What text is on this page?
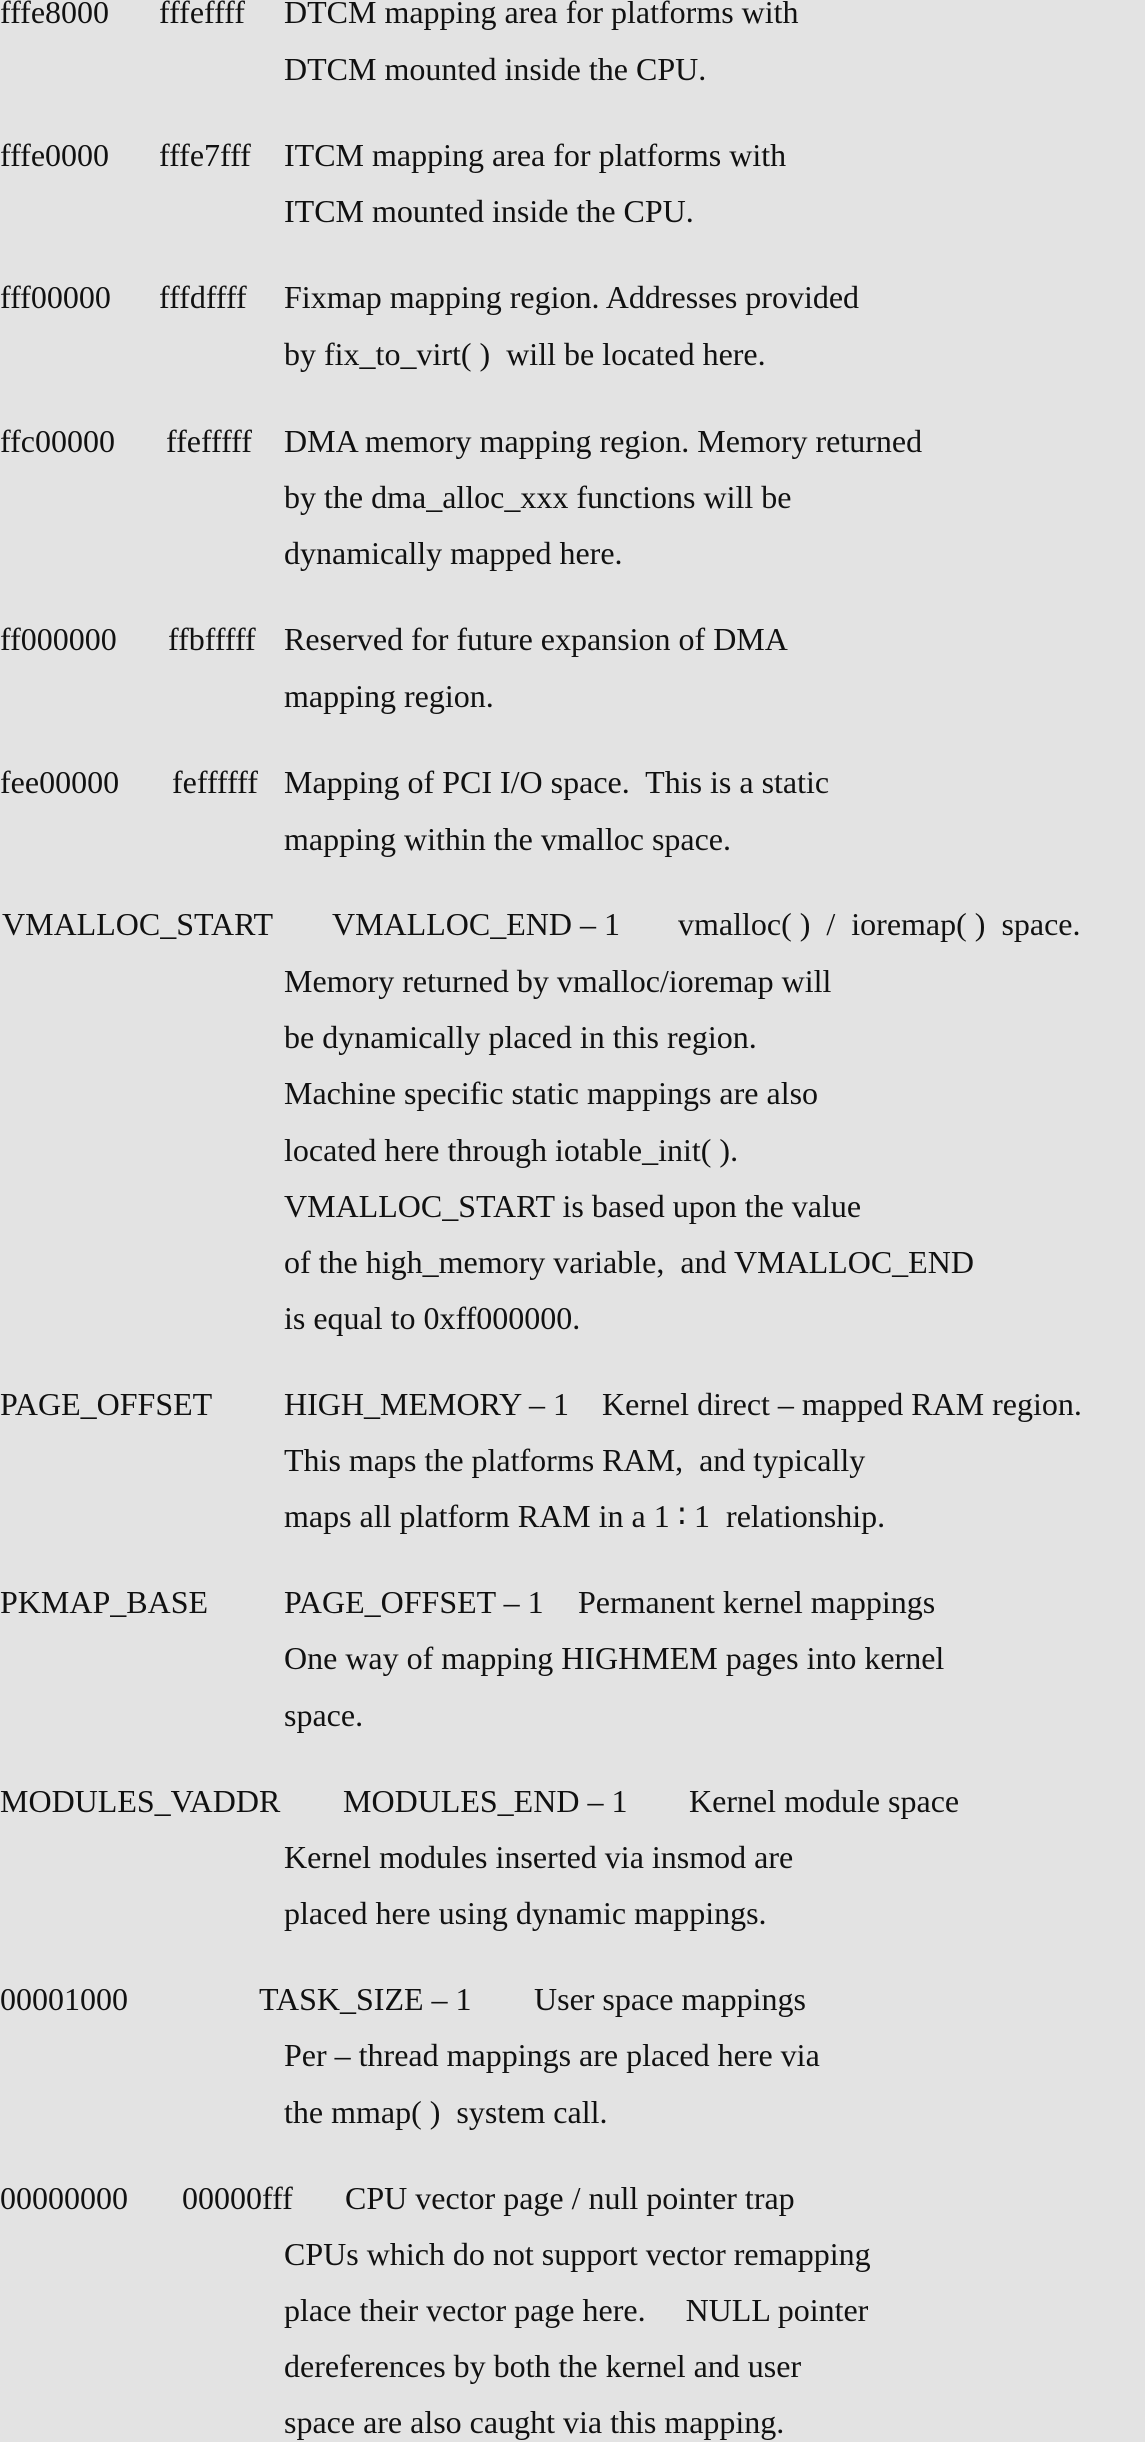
fffe8000 fffeffff DTCM mapping area for platforms with
DTCM mounted inside the CPU.
fffe0000 fffe7fff ITCM mapping area for platforms with
ITCM mounted inside the CPU.
fff00000 fffdffff Fixmap mapping region. Addresses provided
by fix_to_virt( )  will be located here.
ffc00000 ffefffff DMA memory mapping region. Memory returned
by the dma_alloc_xxx functions will be
dynamically mapped here.
ff000000 ffbfffff Reserved for future expansion of DMA
mapping region.
fee00000 feffffff Mapping of PCI I/O space.  This is a static
mapping within the vmalloc space.
VMALLOC_START VMALLOC_END – 1 vmalloc( )  /  ioremap( )  space.
Memory returned by vmalloc/ioremap will
be dynamically placed in this region.
Machine specific static mappings are also
located here through iotable_init( ).
VMALLOC_START is based upon the value
of the high_memory variable,  and VMALLOC_END
is equal to 0xff000000.
PAGE_OFFSET HIGH_MEMORY – 1 Kernel direct – mapped RAM region.
This maps the platforms RAM,  and typically
maps all platform RAM in a 1 ∶ 1  relationship.
PKMAP_BASE PAGE_OFFSET – 1 Permanent kernel mappings
One way of mapping HIGHMEM pages into kernel
space.
MODULES_VADDR MODULES_END – 1 Kernel module space
Kernel modules inserted via insmod are
placed here using dynamic mappings.
00001000	TASK_SIZE – 1 User space mappings
Per – thread mappings are placed here via
the mmap( )  system call.
00000000 00000fff CPU vector page / null pointer trap
CPUs which do not support vector remapping
place their vector page here.     NULL pointer
dereferences by both the kernel and user
space are also caught via this mapping.
